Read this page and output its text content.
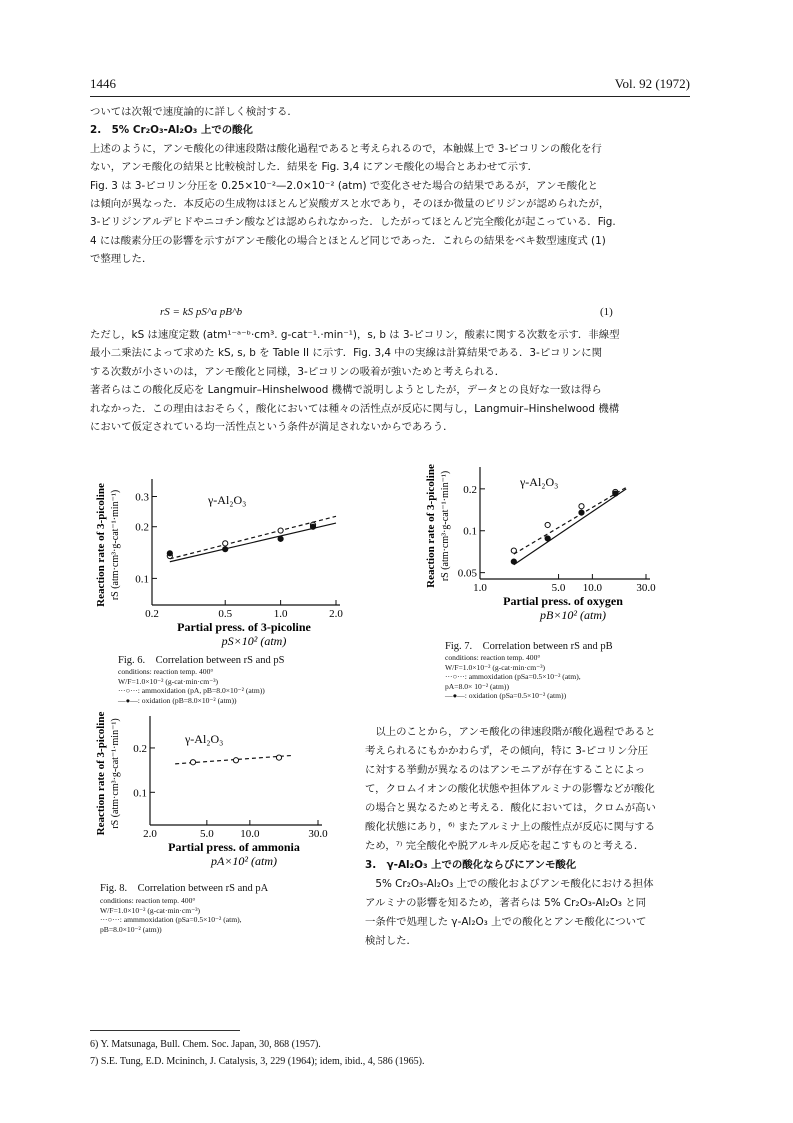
1446	Vol. 92 (1972)
ついては次報で速度論的に詳しく検討する．
2.　5% Cr₂O₃-Al₂O₃ 上での酸化
上述のように，アンモ酸化の律速段階は酸化過程であると考えられるので，本触媒上で 3-ピコリンの酸化を行
ない，アンモ酸化の結果と比較検討した．結果を Fig. 3,4 にアンモ酸化の場合とあわせて示す．
Fig. 3 は 3-ピコリン分圧を 0.25×10⁻²—2.0×10⁻² (atm) で変化させた場合の結果であるが，アンモ酸化と
は傾向が異なった．本反応の生成物はほとんど炭酸ガスと水であり，そのほか微量のピリジンが認められたが，
3-ピリジンアルデヒドやニコチン酸などは認められなかった．したがってほとんど完全酸化が起こっている．Fig.
4 には酸素分圧の影響を示すがアンモ酸化の場合とほとんど同じであった．これらの結果をベキ数型速度式 (1)
で整理した．
rS = kS pS^a pB^b	(1)
ただし，kS は速度定数 (atm¹⁻ᵃ⁻ᵇ·cm³. g-cat⁻¹.·min⁻¹)，s, b は 3-ピコリン，酸素に関する次数を示す．非線型
最小二乗法によって求めた kS, s, b を Table II に示す．Fig. 3,4 中の実線は計算結果である．3-ピコリンに関
する次数が小さいのは，アンモ酸化と同様，3-ピコリンの吸着が強いためと考えられる．
著者らはこの酸化反応を Langmuir–Hinshelwood 機構で説明しようとしたが，データとの良好な一致は得ら
れなかった．この理由はおそらく，酸化においては種々の活性点が反応に関与し，Langmuir–Hinshelwood 機構
において仮定されている均一活性点という条件が満足されないからであろう．
0.2	0.5	1.0	2.0
0.1
0.2
0.3	γ-Al₂O₃
Partial press. of 3-picoline
pS×10² (atm)
Reaction rate of 3-picoline rS (atm·cm³·g-cat⁻¹·min⁻¹)
Fig. 6.　Correlation between rS and pS
conditions: reaction temp. 400°
W/F=1.0×10⁻² (g-cat·min·cm⁻³)
···○···: ammoxidation (pA, pB=8.0×10⁻² (atm))
—●—: oxidation (pB=8.0×10⁻² (atm))
1.0	5.0 10.0	30.0
0.05
0.1
0.2
γ-Al₂O₃
Partial press. of oxygen
pB×10² (atm)
Reaction rate of 3-picoline rS (atm·cm³·g-cat⁻¹·min⁻¹)
Fig. 7.　Correlation between rS and pB
conditions: reaction temp. 400°
W/F=1.0×10⁻² (g-cat·min·cm⁻³)
···○···: ammoxidation (pSa=0.5×10⁻² (atm),
pA=8.0× 10⁻² (atm))
—●—: oxidation (pSa=0.5×10⁻² (atm))
2.0	5.0 10.0	30.0
0.1
0.2
γ-Al₂O₃
Partial press. of ammonia
pA×10² (atm)
Reaction rate of 3-picoline rS (atm·cm³·g-cat⁻¹·min⁻¹)
Fig. 8.　Correlation between rS and pA
conditions: reaction temp. 400°
W/F=1.0×10⁻² (g-cat·min·cm⁻³)
···○···: ammmoxidation (pSa=0.5×10⁻² (atm),
pB=8.0×10⁻² (atm))
　以上のことから，アンモ酸化の律速段階が酸化過程であると
考えられるにもかかわらず，その傾向，特に 3-ピコリン分圧
に対する挙動が異なるのはアンモニアが存在することによっ
て，クロムイオンの酸化状態や担体アルミナの影響などが酸化
の場合と異なるためと考える．酸化においては，クロムが高い
酸化状態にあり，⁶⁾ またアルミナ上の酸性点が反応に関与する
ため，⁷⁾ 完全酸化や脱アルキル反応を起こすものと考える．
3.　γ-Al₂O₃ 上での酸化ならびにアンモ酸化
　5% Cr₂O₃-Al₂O₃ 上での酸化およびアンモ酸化における担体
アルミナの影響を知るため，著者らは 5% Cr₂O₃-Al₂O₃ と同
一条件で処理した γ-Al₂O₃ 上での酸化とアンモ酸化について
検討した．
6) Y. Matsunaga, Bull. Chem. Soc. Japan, 30, 868 (1957).
7) S.E. Tung, E.D. Mcininch, J. Catalysis, 3, 229 (1964); idem, ibid., 4, 586 (1965).
